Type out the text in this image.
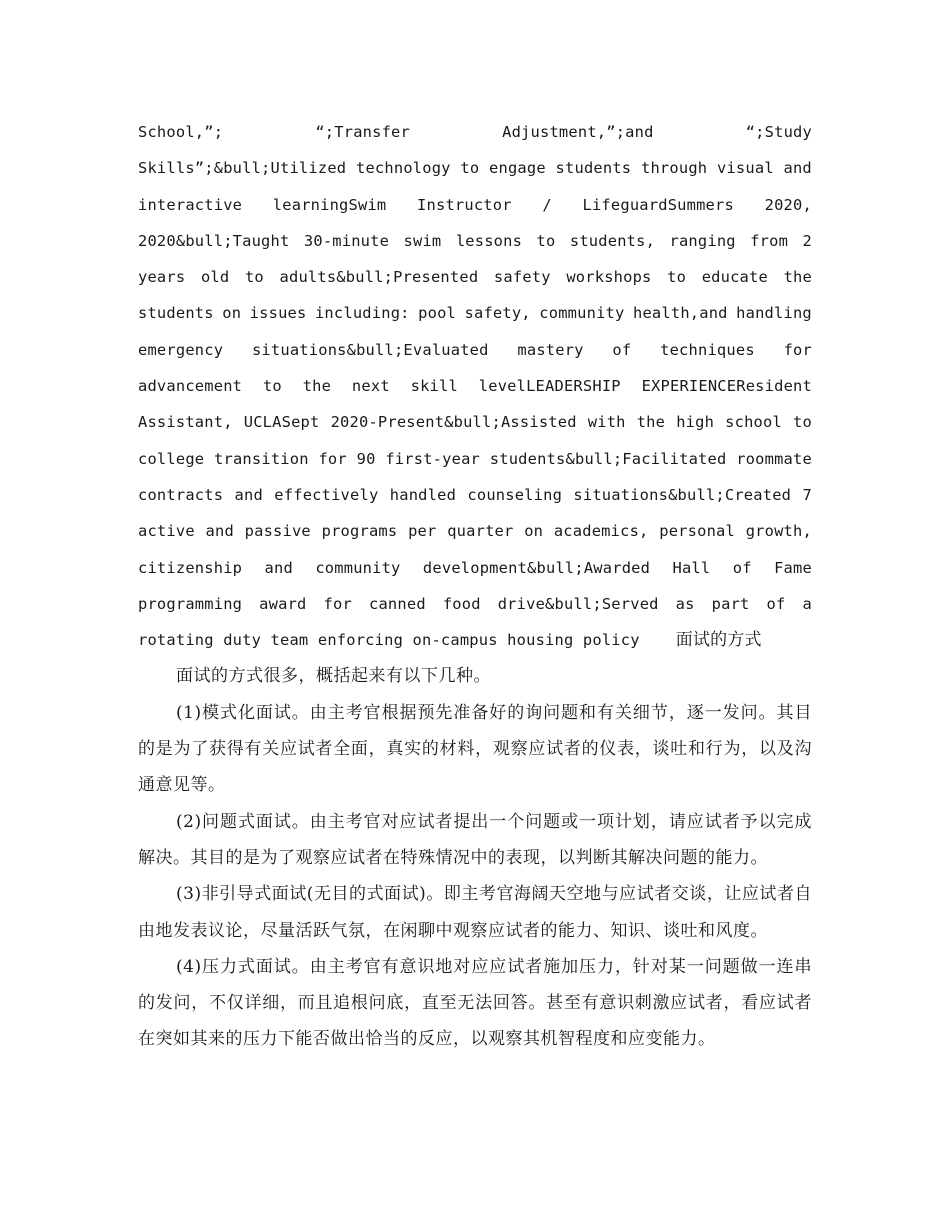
School,”;	“;Transfer	Adjustment,”;and	“;Study
Skills”;&bull;Utilized technology to engage students through visual and
interactive learningSwim Instructor / LifeguardSummers 2020,
2020&bull;Taught 30-minute swim lessons to students, ranging from 2
years old to adults&bull;Presented safety workshops to educate the
students on issues including: pool safety, community health,and handling
emergency situations&bull;Evaluated mastery of techniques for
advancement to the next skill levelLEADERSHIP EXPERIENCEResident
Assistant, UCLASept 2020-Present&bull;Assisted with the high school to
college transition for 90 first-year students&bull;Facilitated roommate
contracts and effectively handled counseling situations&bull;Created 7
active and passive programs per quarter on academics, personal growth,
citizenship and community development&bull;Awarded Hall of Fame
programming award for canned food drive&bull;Served as part of a
rotating duty team enforcing on-campus housing policy 面试的方式

面试的方式很多，概括起来有以下几种。

(1)模式化面试。由主考官根据预先准备好的询问题和有关细节，逐一发问。其目的是为了获得有关应试者全面，真实的材料，观察应试者的仪表，谈吐和行为，以及沟通意见等。

(2)问题式面试。由主考官对应试者提出一个问题或一项计划，请应试者予以完成解决。其目的是为了观察应试者在特殊情况中的表现，以判断其解决问题的能力。

(3)非引导式面试(无目的式面试)。即主考官海阔天空地与应试者交谈，让应试者自由地发表议论，尽量活跃气氛，在闲聊中观察应试者的能力、知识、谈吐和风度。

(4)压力式面试。由主考官有意识地对应应试者施加压力，针对某一问题做一连串的发问，不仅详细，而且追根问底，直至无法回答。甚至有意识刺激应试者，看应试者在突如其来的压力下能否做出恰当的反应，以观察其机智程度和应变能力。
